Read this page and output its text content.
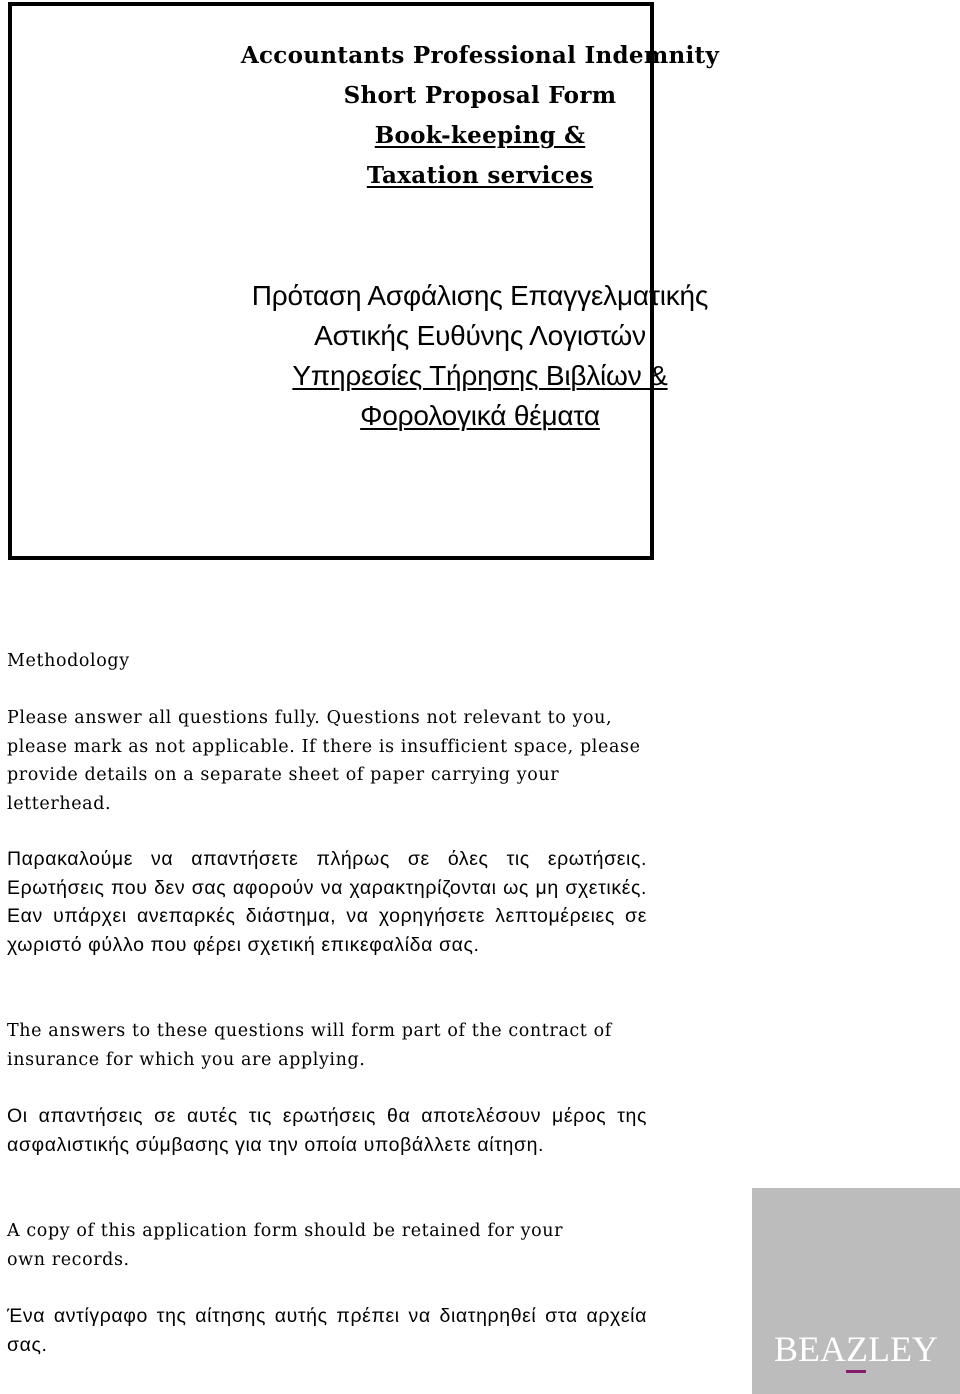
Accountants Professional Indemnity
Short Proposal Form
Book-keeping &
Taxation services
Πρόταση Ασφάλισης Επαγγελματικής
Αστικής Ευθύνης Λογιστών
Υπηρεσίες Τήρησης Βιβλίων &
Φορολογικά θέματα

Methodology

Please answer all questions fully. Questions not relevant to you, please mark as not applicable. If there is insufficient space, please provide details on a separate sheet of paper carrying your letterhead.

Παρακαλούμε να απαντήσετε πλήρως σε όλες τις ερωτήσεις. Ερωτήσεις που δεν σας αφορούν να χαρακτηρίζονται ως μη σχετικές. Εαν υπάρχει ανεπαρκές διάστημα, να χορηγήσετε λεπτομέρειες σε χωριστό φύλλο που φέρει σχετική επικεφαλίδα σας.

The answers to these questions will form part of the contract of insurance for which you are applying.

Οι απαντήσεις σε αυτές τις ερωτήσεις θα αποτελέσουν μέρος της ασφαλιστικής σύμβασης για την οποία υποβάλλετε αίτηση.

A copy of this application form should be retained for your own records.

Ένα αντίγραφο της αίτησης αυτής πρέπει να διατηρηθεί στα αρχεία σας.	BEAZLEY
